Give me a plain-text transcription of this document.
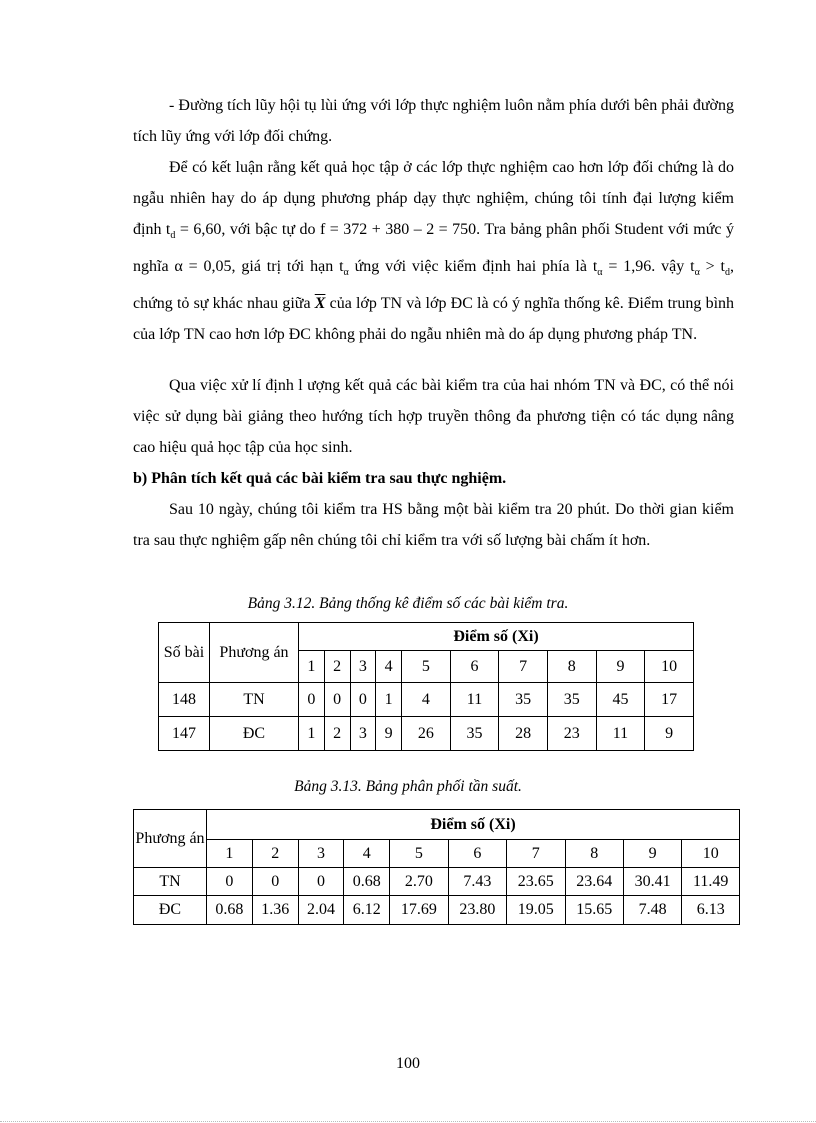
- Đường tích lũy hội tụ lùi ứng với lớp thực nghiệm luôn nằm phía dưới bên phải đường tích lũy ứng với lớp đối chứng.

Để có kết luận rằng kết quả học tập ở các lớp thực nghiệm cao hơn lớp đối chứng là do ngẫu nhiên hay do áp dụng phương pháp dạy thực nghiệm, chúng tôi tính đại lượng kiểm định $t_d = 6,60$, với bậc tự do f = 372 + 380 – 2 = 750. Tra bảng phân phối Student với mức ý nghĩa α = 0,05, giá trị tới hạn $t_\alpha$ ứng với việc kiểm định hai phía là $t_\alpha = 1,96$. vậy $t_\alpha > t_d$, chứng tỏ sự khác nhau giữa $\overline{X}$ của lớp TN và lớp ĐC là có ý nghĩa thống kê. Điểm trung bình của lớp TN cao hơn lớp ĐC không phải do ngẫu nhiên mà do áp dụng phương pháp TN.

Qua việc xử lí định l ượng kết quả các bài kiểm tra của hai nhóm TN và ĐC, có thể nói việc sử dụng bài giảng theo hướng tích hợp truyền thông đa phương tiện có tác dụng nâng cao hiệu quả học tập của học sinh.

b) Phân tích kết quả các bài kiểm tra sau thực nghiệm.

Sau 10 ngày, chúng tôi kiểm tra HS bằng một bài kiểm tra 20 phút. Do thời gian kiểm tra sau thực nghiệm gấp nên chúng tôi chỉ kiểm tra với số lượng bài chấm ít hơn.

Bảng 3.12. Bảng thống kê điểm số các bài kiểm tra.
Số bài	Phương án	Điểm số (Xi)									
		1	2	3	4	5	6	7	8	9	10
148	TN	0	0	0	1	4	11	35	35	45	17
147	ĐC	1	2	3	9	26	35	28	23	11	9
Bảng 3.13. Bảng phân phối tần suất.
Phương án	Điểm số (Xi)									
	1	2	3	4	5	6	7	8	9	10
TN	0	0	0	0.68	2.70	7.43	23.65	23.64	30.41	11.49
ĐC	0.68	1.36	2.04	6.12	17.69	23.80	19.05	15.65	7.48	6.13
100
